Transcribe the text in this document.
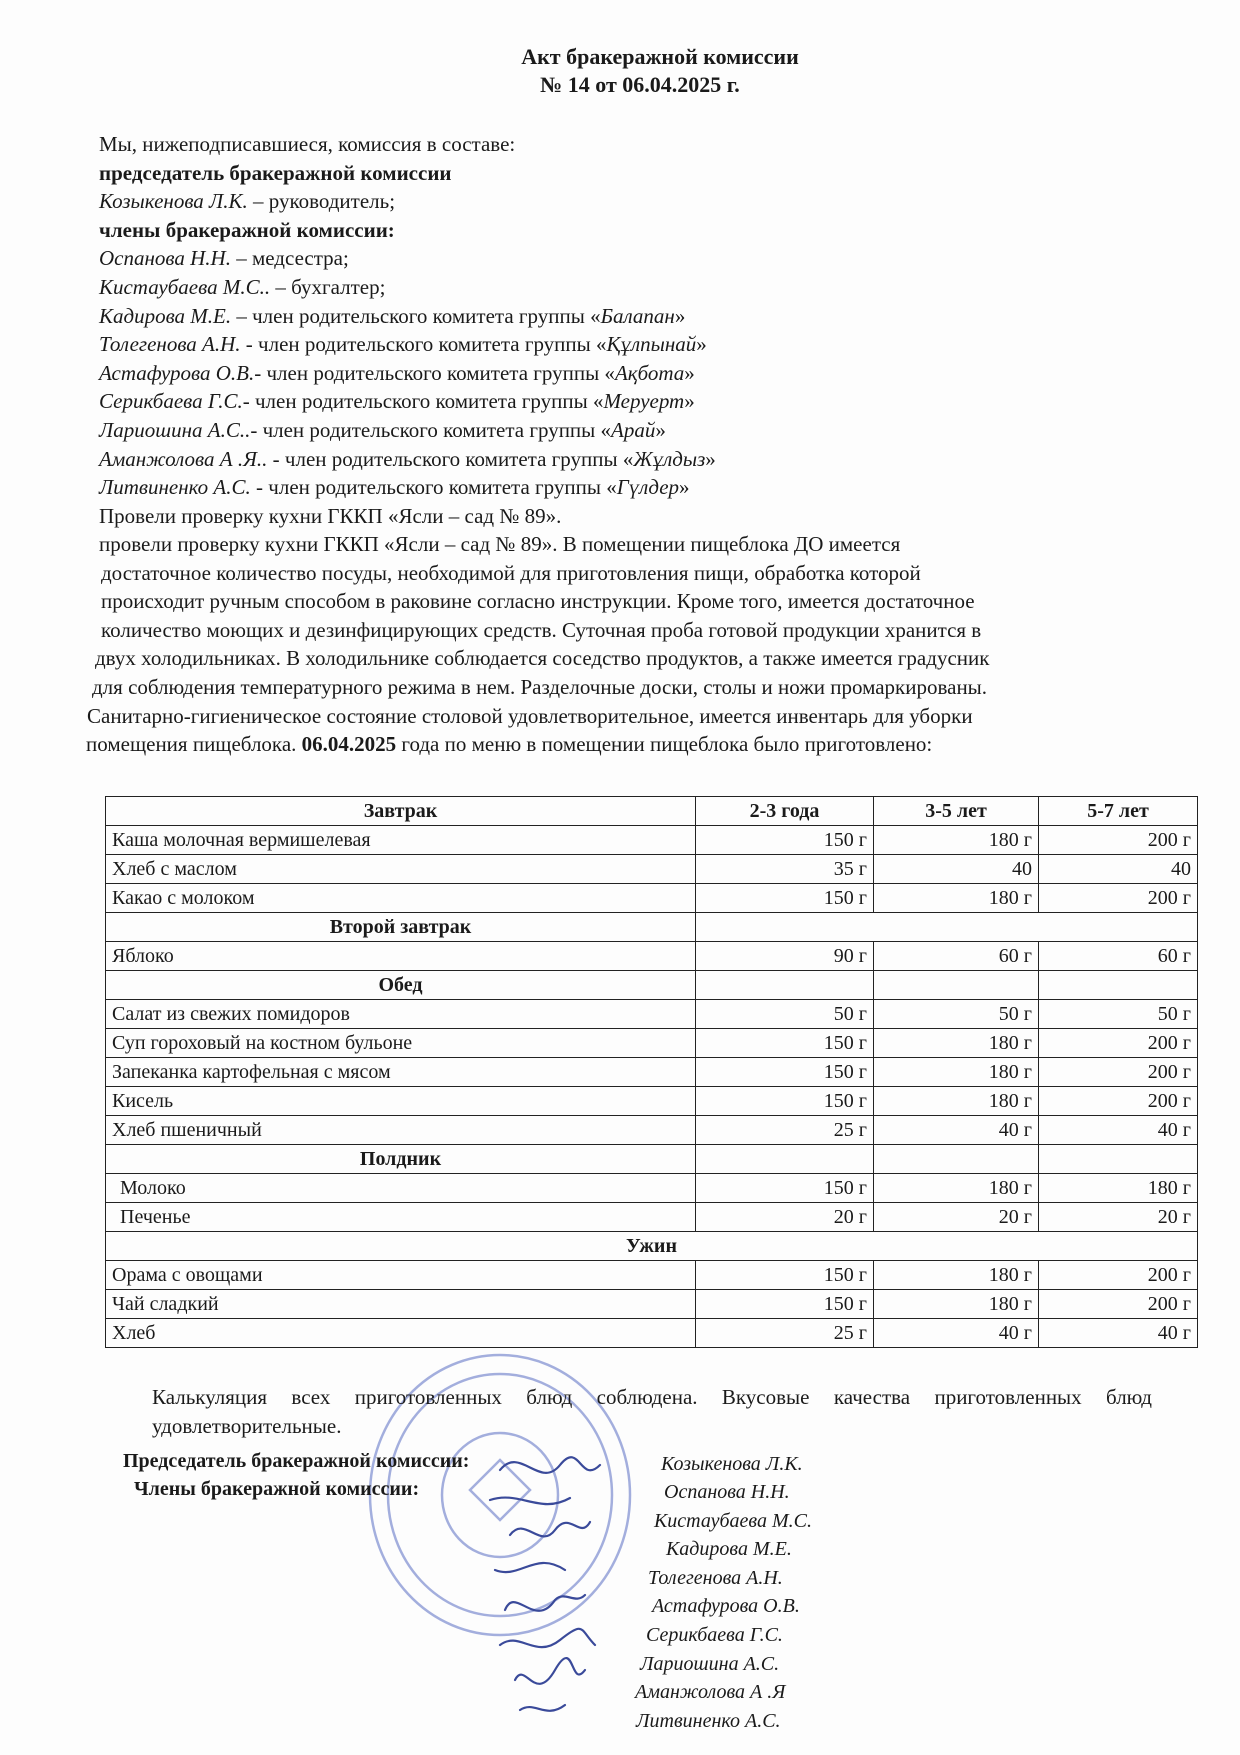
Акт бракеражной комиссии
№ 14 от 06.04.2025 г.
Мы, нижеподписавшиеся, комиссия в составе:
председатель бракеражной комиссии
Козыкенова Л.К. – руководитель;
члены бракеражной комиссии:
Оспанова Н.Н. – медсестра;
Кистаубаева М.С.. – бухгалтер;
Кадирова М.Е. – член родительского комитета группы «Балапан»
Толегенова А.Н. - член родительского комитета группы «Құлпынай»
Астафурова О.В.- член родительского комитета группы «Ақбота»
Серикбаева Г.С.- член родительского комитета группы «Меруерт»
Лариошина А.С..- член родительского комитета группы «Арай»
Аманжолова А .Я.. - член родительского комитета группы «Жұлдыз»
Литвиненко А.С. - член родительского комитета группы «Гүлдер»
Провели проверку кухни ГККП «Ясли – сад № 89».
провели проверку кухни ГККП «Ясли – сад № 89». В помещении пищеблока ДО имеется
достаточное количество посуды, необходимой для приготовления пищи, обработка которой
происходит ручным способом в раковине согласно инструкции. Кроме того, имеется достаточное
количество моющих и дезинфицирующих средств. Суточная проба готовой продукции хранится в
двух холодильниках. В холодильнике соблюдается соседство продуктов, а также имеется градусник
для соблюдения температурного режима в нем. Разделочные доски, столы и ножи промаркированы.
Санитарно-гигиеническое состояние столовой удовлетворительное, имеется инвентарь для уборки
помещения пищеблока. 06.04.2025 года по меню в помещении пищеблока было приготовлено:
Завтрак	2-3 года	3-5 лет	5-7 лет
Каша молочная вермишелевая	150 г	180 г	200 г
Хлеб с маслом	35 г	40	40
Какао с молоком	150 г	180 г	200 г
Второй завтрак			
Яблоко	90 г	60 г	60 г
Обед			
Салат из свежих помидоров	50 г	50 г	50 г
Суп гороховый на костном бульоне	150 г	180 г	200 г
Запеканка картофельная с мясом	150 г	180 г	200 г
Кисель	150 г	180 г	200 г
Хлеб пшеничный	25 г	40 г	40 г
Полдник			
Молоко	150 г	180 г	180 г
Печенье	20 г	20 г	20 г
Ужин			
Орама с овощами	150 г	180 г	200 г
Чай сладкий	150 г	180 г	200 г
Хлеб	25 г	40 г	40 г
Калькуляция всех приготовленных блюд соблюдена. Вкусовые качества приготовленных блюд удовлетворительные.
Председатель бракеражной комиссии:
Члены бракеражной комиссии:
Козыкенова Л.К.
Оспанова Н.Н.
Кистаубаева М.С.
Кадирова М.Е.
Толегенова А.Н.
Астафурова О.В.
Серикбаева Г.С.
Лариошина А.С.
Аманжолова А .Я
Литвиненко А.С.
